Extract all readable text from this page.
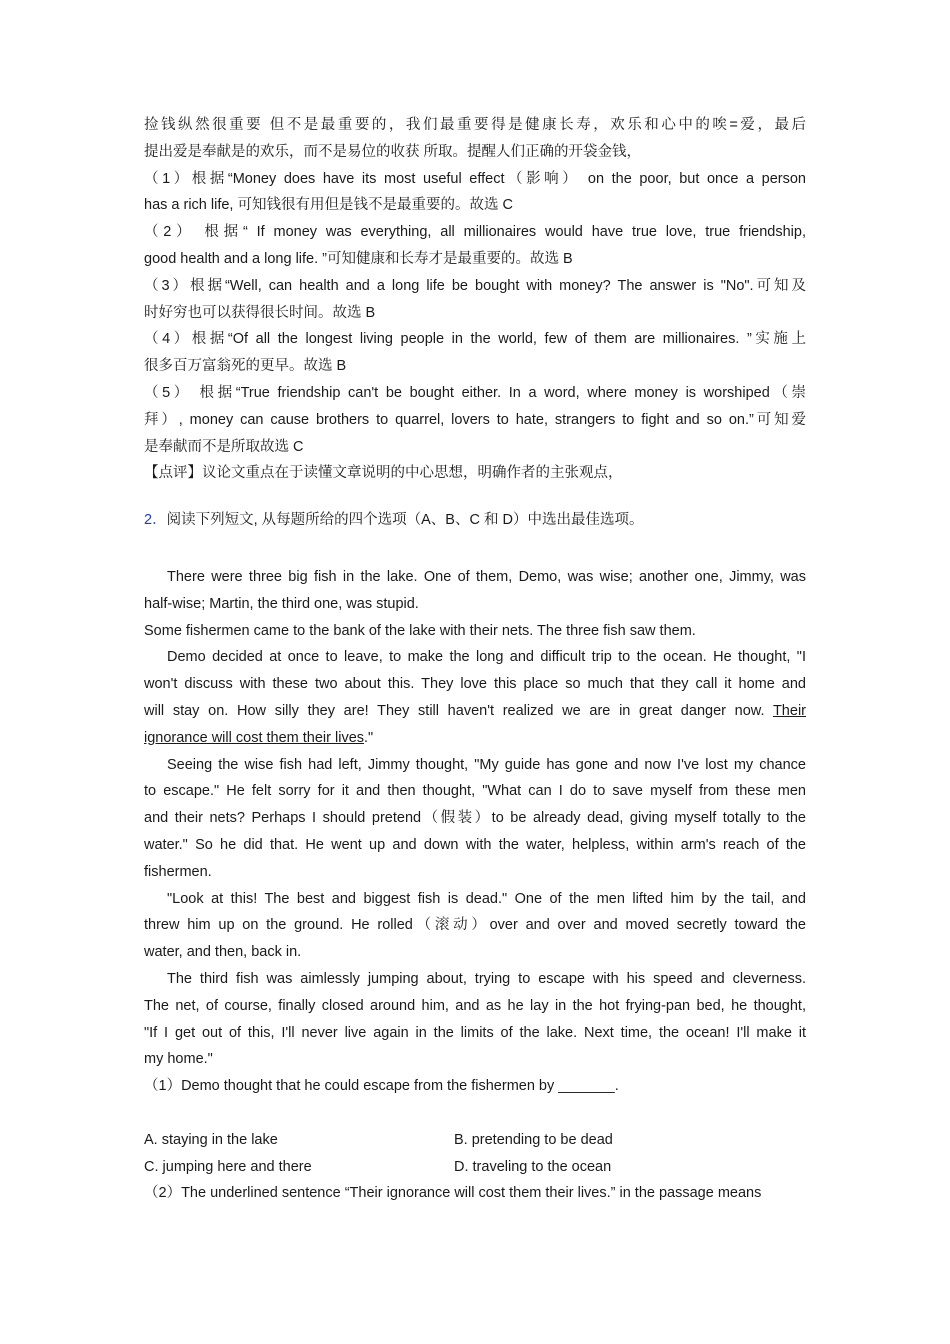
捡钱纵然很重要 但不是最重要的，我们最重要得是健康长寿，欢乐和心中的唉=爱，最后

提出爱是奉献是的欢乐，而不是易位的收获 所取。提醒人们正确的开袋金钱，

（1）根据“Money does have its most useful effect（影响） on the poor, but once a person

has a rich life, 可知钱很有用但是钱不是最重要的。故选 C

（2） 根据“ If money was everything, all millionaires would have true love, true friendship,

good health and a long life. ”可知健康和长寿才是最重要的。故选 B

（3）根据“Well, can health and a long life be bought with money? The answer is "No".可知及

时好穷也可以获得很长时间。故选 B

（4）根据“Of all the longest living people in the world, few of them are millionaires. ”实施上

很多百万富翁死的更早。故选 B

（5） 根据“True friendship can't be bought either. In a word, where money is worshiped（崇

拜）, money can cause brothers to quarrel, lovers to hate, strangers to fight and so on.”可知爱

是奉献而不是所取故选 C

【点评】议论文重点在于读懂文章说明的中心思想，明确作者的主张观点，

2．阅读下列短文, 从每题所给的四个选项（A、B、C 和 D）中选出最佳选项。

There were three big fish in the lake. One of them, Demo, was wise; another one, Jimmy, was

half-wise; Martin, the third one, was stupid.

Some fishermen came to the bank of the lake with their nets. The three fish saw them.

Demo decided at once to leave, to make the long and difficult trip to the ocean. He thought, "I

won't discuss with these two about this. They love this place so much that they call it home and

will stay on. How silly they are! They still haven't realized we are in great danger now. Their

ignorance will cost them their lives."

Seeing the wise fish had left, Jimmy thought, "My guide has gone and now I've lost my chance

to escape." He felt sorry for it and then thought, "What can I do to save myself from these men

and their nets? Perhaps I should pretend（假装）to be already dead, giving myself totally to the

water." So he did that. He went up and down with the water, helpless, within arm's reach of the

fishermen.

"Look at this! The best and biggest fish is dead." One of the men lifted him by the tail, and

threw him up on the ground. He rolled（滚动）over and over and moved secretly toward the

water, and then, back in.

The third fish was aimlessly jumping about, trying to escape with his speed and cleverness.

The net, of course, finally closed around him, and as he lay in the hot frying-pan bed, he thought,

"If I get out of this, I'll never live again in the limits of the lake. Next time, the ocean! I'll make it

my home."

（1）Demo thought that he could escape from the fishermen by _______.

A. staying in the lake	B. pretending to be dead
C. jumping here and there	D. traveling to the ocean

（2）The underlined sentence “Their ignorance will cost them their lives.” in the passage means
